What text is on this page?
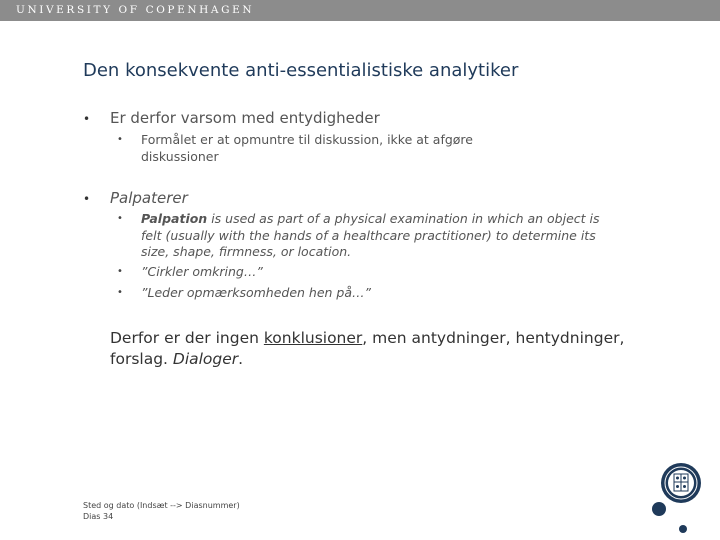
UNIVERSITY OF COPENHAGEN
Den konsekvente anti-essentialistiske analytiker
• Er derfor varsom med entydigheder
• Formålet er at opmuntre til diskussion, ikke at afgøre diskussioner
• Palpaterer
• Palpation is used as part of a physical examination in which an object is felt (usually with the hands of a healthcare practitioner) to determine its size, shape, firmness, or location.
• ”Cirkler omkring…”
• ”Leder opmærksomheden hen på…”
Derfor er der ingen konklusioner, men antydninger, hentydninger, forslag. Dialoger.
Sted og dato (Indsæt --> Diasnummer)
Dias 34
